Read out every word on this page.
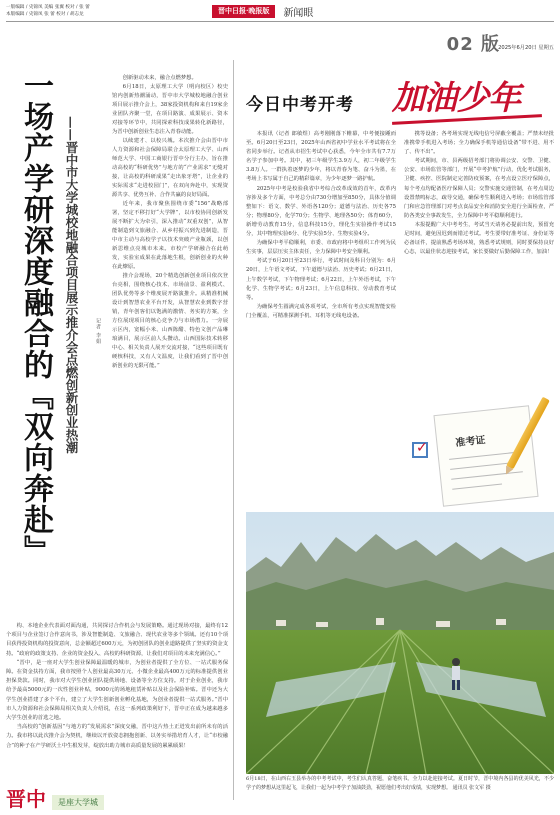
一版编辑 / 史锦凤 美编 张翼 校对 / 张 蕾
本版编辑 / 史锦凤 张 蕾 校对 / 胡志龙	晋中日报·晚报版	新闻眼
02 版
2025年6月20日 星期五
一场产学研深度融合的『双向奔赴』 ——晋中市大学城校地融合项目展示推介会点燃创新创业热潮	记者 李娟

创新驱动未来，融合点燃梦想。

6月18日，太原理工大学（明向校区）校史馆内创新热潮涌动，晋中市大学城校地融合创业项目展示推介会上，38家投资机构和来自19家企业团队齐聚一堂，在项目路演、成果展示、资本对接等环节中，共同探索科技成果转化新路径，为晋中创新创业生态注入青春动能。

以续建才、以校兴城。本次推介会由晋中市人力资源和社会保障局联合太原理工大学、山西师范大学、中国工商银行晋中分行主办，旨在推动高校的“科研优势”与地方的“产业需求”无缝对接，让高校的科研成果“走出象牙塔”，让企业的实际需求“走进校园门”，在双向奔赴中，实现资源共享、优势互补、合作共赢的良好局面。

近年来，我市聚焦围绕市委“156”战略部署，坚定不移打好“大学牌”，以市校协同创新发展不断扩大为牵引，深入推动“双重双创”，从智能制造到文旅融合、从乡村振兴到先进制造，晋中市主动与高校学子以技术突破产业瓶颈，以创新思维点亮城市未来。市校产学研融合在此萌发，实验室成果在此落地生根，创新创业的火种在此燎原。

推介会现场，20个精选创新创业项目依次登台亮相，围绕核心技术、市场前景、盈利模式、团队优势等多个维度展开路演推介。从精准机械设计到智慧农业平台开发，从智慧农业到数字营销，青年创客们以饱满的激情、务实的方案，全方位展现项目的核心竞争力与市场潜力。一旁展示区内，宽幅小米、山西陈醋、特色文创产品琳琅满目，展示区前人头攒动。山西国际技术转移中心、相关负责人展开交流对接，“这些项目既有硬核科技，又有人文温度，让我们看到了晋中创新创业的无限可能。”

构、本地企业代表面对面沟通，共同探讨合作机会与发展策略。通过现场对接，最终有12个项目与企业签订合作意向书，涉及智能制造、文旅融合、现代农业等多个领域。还有10个项目获得投资机构的投资意向，总金额超过600万元，为初创团队的创业道路提供了坚实的资金支持。“政府的政策支持、企业的资金投入、高校的科研资源，让我们对项目的未来充满信心。”

“晋中，是一座对大学生创业保障最温暖的城市，为创业者提供了全方位、一站式服务保障。在资金扶持方面，我市按照个人创业最高30万元、小微企业最高400万元的标准提供创业担保贷款。同时，我市对大学生创业团队提供场地、设备等全方位支持。对于企业创业，我市给予最高5000元的一次性创业补贴，9000元的场地租赁补贴以及社会保险补贴。晋中还为大学生创业搭建了多个平台，建立了大学生创新创业孵化基地，为创业者提供一站式服务。”晋中市人力资源和社会保障局相关负责人介绍说，在这一系列政策利好下，晋中正在成为越来越多大学生创业的首选之地。

当高校的“创新基因”与地方的“发展需求”深度交融，晋中这片热土正迸发出前所未有的活力。我市将以此次推介会为契机，继续以开放姿态拥抱创新、以务实举措培育人才，让“市校融合”的种子在产学研沃土中生根发芽，绽放出助力城市高质量发展的累累硕果！

晋中	是座大学城
今日中考开考 加油少年

本报讯（记者 郎敏煜）高考刚刚落下帷幕，中考便接踵而至。6月20日至23日，2025年山西省初中学业水平考试将在全省同步举行。记者从市招生考试中心获悉，今年全市共有7.7万名学子参加中考。其中，初三年级学生3.9万人，初二年级学生3.8万人。一群执着逐梦的少年，将以青春为笔、奋斗为墨，在考场上书写属于自己的精彩篇章，为少年逐梦一路护航。

2025年中考是校验我省中考综合改革成效的首年，改革内容涉及多个方面，中考总分由730分增加至850分，具体分值调整如下：语文、数学、外语各120分；道德与法治、历史各75分；物理80分，化学70分；生物学、地理各50分；体育60分，新增劳动教育15分，信息科技15分，理化生实验操作考试15分，其中物理实验6分、化学实验5分、生物实验4分。

为确保中考平稳顺利，市委、市政府将中考组织工作列为民生实事，层层压实主体责任，全力保障中考安全顺利。

考试于6月20日至23日举行，考试时间及科目分别为：6月20日，上午语文考试，下午道德与法治、历史考试；6月21日，上午数学考试，下午物理考试；6月22日，上午外语考试，下午化学、生物学考试；6月23日，上午信息科技、劳动教育考试等。

为确保考生圆满完成各项考试，全市所有考点实现智能安检门全覆盖，可精准探测手机、耳机等无线电设备。

携等设备；各考场实现无线电信号屏蔽全覆盖；严禁未经批准携带手机进入考场；全力确保手机等通信设备“带不进、用不了、传不出”。

考试期间，市、县两级招考部门将协调公安、交警、卫健、公安、市场监管等部门，开展“中考护航”行动，优化考试服务，卫健、疾控、医院制定完善防疫预案，在考点设立医疗保障点，每个考点均配备医疗保障人员；交警实施交通管制，在考点周边设置禁鸣标志，疏导交通，确保考生顺利进入考场；市场监管部门和应急管理部门对考点食品安全和消防安全进行全面检查，严防各类安全事故发生，全力保障中考平稳顺利进行。

本报提醒广大中考考生，考试当天请务必提前出发，预留充足时间，避免因迟到而错过考试。考生要带好准考证、身份证等必备证件，提前熟悉考场环境，熟悉考试规则，同时要保持良好心态，以最佳状态迎接考试，家长要做好后勤保障工作，加油！

✓	准考证
6月18日，在山西右玉县举办的中考考试中，考生们认真答题，奋笔疾书。全力以赴迎接考试。夏日时节，晋中境内各县的优美风光，不少学子的梦想从这里起飞，让我们一起为中考学子加油鼓劲，祝愿他们考出好成绩，实现梦想。 通讯员 张文军 摄
